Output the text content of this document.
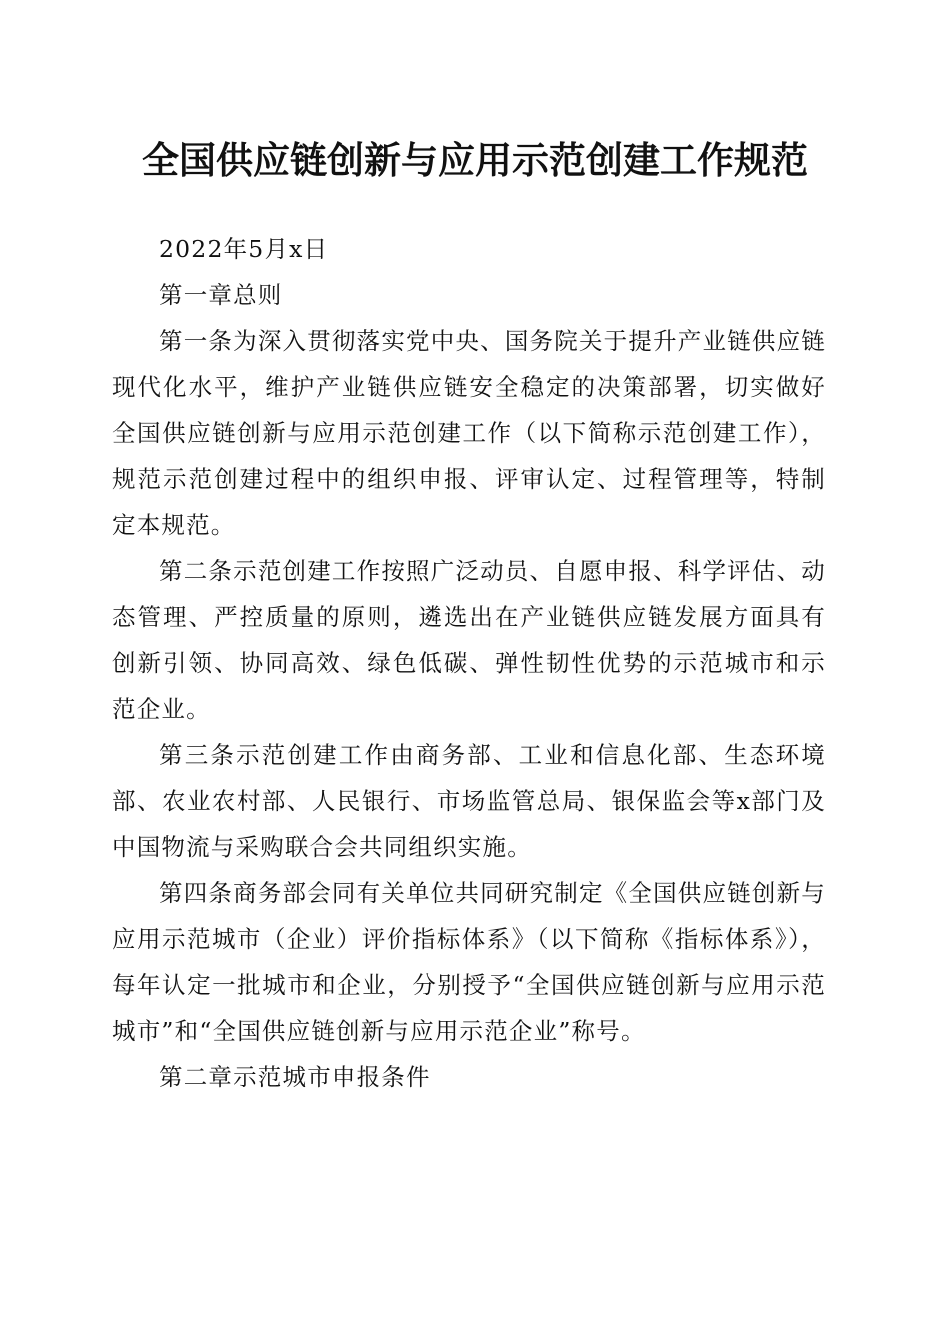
全国供应链创新与应用示范创建工作规范

2022年5月x日

第一章总则

第一条为深入贯彻落实党中央、国务院关于提升产业链供应链现代化水平，维护产业链供应链安全稳定的决策部署，切实做好全国供应链创新与应用示范创建工作（以下简称示范创建工作），规范示范创建过程中的组织申报、评审认定、过程管理等，特制定本规范。

第二条示范创建工作按照广泛动员、自愿申报、科学评估、动态管理、严控质量的原则，遴选出在产业链供应链发展方面具有创新引领、协同高效、绿色低碳、弹性韧性优势的示范城市和示范企业。

第三条示范创建工作由商务部、工业和信息化部、生态环境部、农业农村部、人民银行、市场监管总局、银保监会等x部门及中国物流与采购联合会共同组织实施。

第四条商务部会同有关单位共同研究制定《全国供应链创新与应用示范城市（企业）评价指标体系》（以下简称《指标体系》），每年认定一批城市和企业，分别授予“全国供应链创新与应用示范城市”和“全国供应链创新与应用示范企业”称号。

第二章示范城市申报条件
